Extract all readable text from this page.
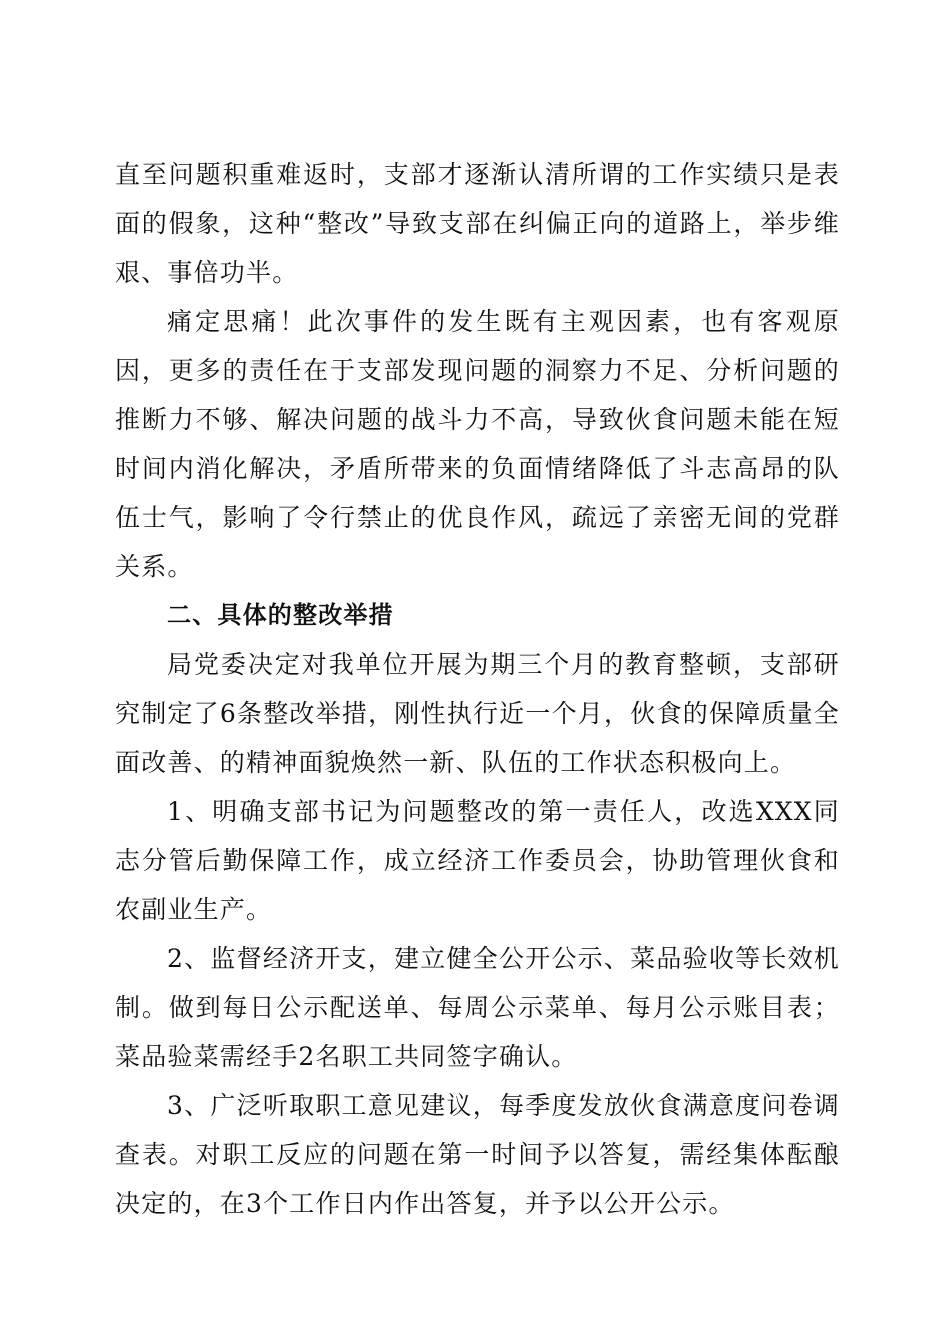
直至问题积重难返时，支部才逐渐认清所谓的工作实绩只是表面的假象，这种“整改”导致支部在纠偏正向的道路上，举步维艰、事倍功半。

痛定思痛！此次事件的发生既有主观因素，也有客观原因，更多的责任在于支部发现问题的洞察力不足、分析问题的推断力不够、解决问题的战斗力不高，导致伙食问题未能在短时间内消化解决，矛盾所带来的负面情绪降低了斗志高昂的队伍士气，影响了令行禁止的优良作风，疏远了亲密无间的党群关系。

二、具体的整改举措

局党委决定对我单位开展为期三个月的教育整顿，支部研究制定了6条整改举措，刚性执行近一个月，伙食的保障质量全面改善、的精神面貌焕然一新、队伍的工作状态积极向上。

1、明确支部书记为问题整改的第一责任人，改选XXX同志分管后勤保障工作，成立经济工作委员会，协助管理伙食和农副业生产。

2、监督经济开支，建立健全公开公示、菜品验收等长效机制。做到每日公示配送单、每周公示菜单、每月公示账目表；菜品验菜需经手2名职工共同签字确认。

3、广泛听取职工意见建议，每季度发放伙食满意度问卷调查表。对职工反应的问题在第一时间予以答复，需经集体酝酿决定的，在3个工作日内作出答复，并予以公开公示。
